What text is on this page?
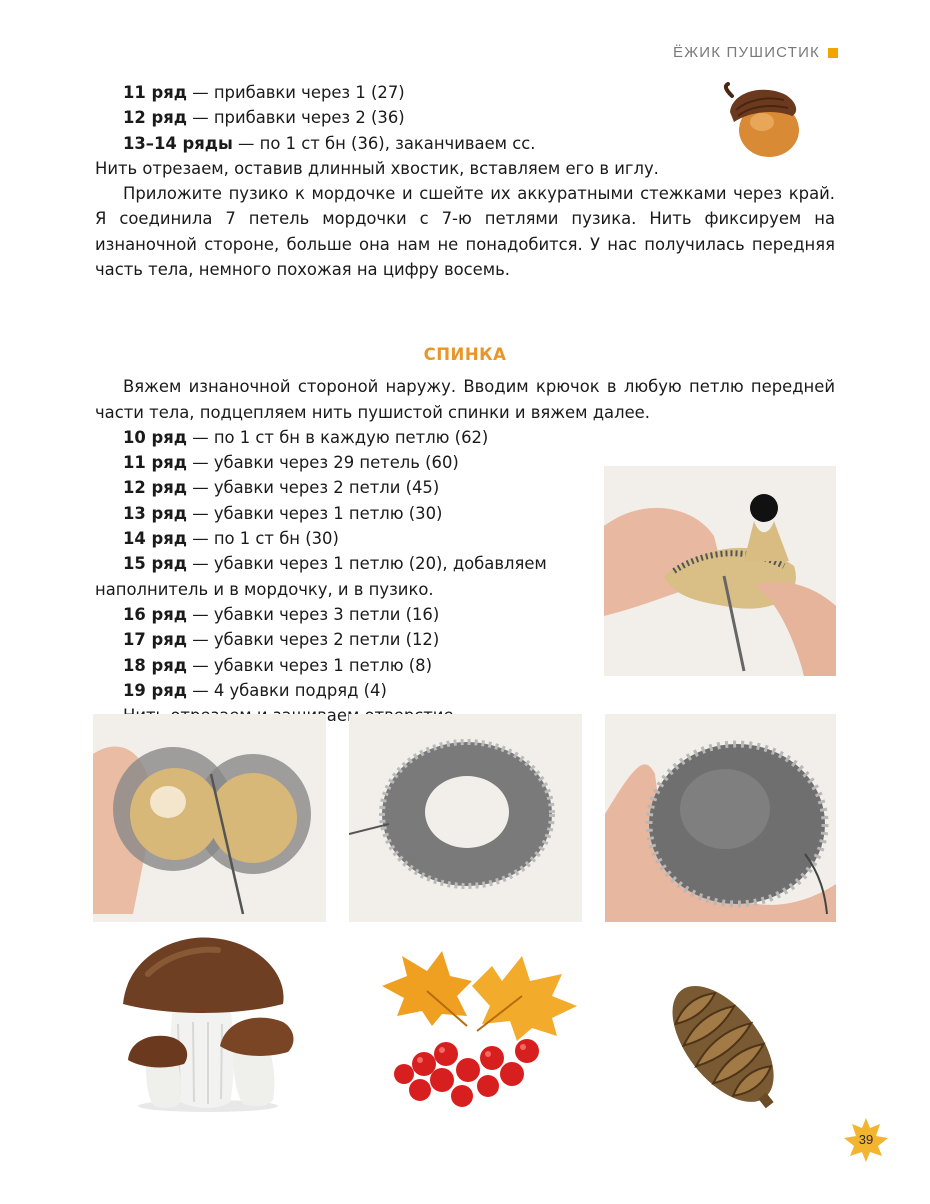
ЁЖИК ПУШИСТИК

11 ряд — прибавки через 1 (27)

12 ряд — прибавки через 2 (36)

13–14 ряды — по 1 ст бн (36), заканчиваем сс.

Нить отрезаем, оставив длинный хвостик, вставляем его в иглу.

Приложите пузико к мордочке и сшейте их аккуратными стежками через край. Я соединила 7 петель мордочки с 7-ю петлями пузика. Нить фиксируем на изнаночной стороне, больше она нам не понадобится. У нас получилась передняя часть тела, немного похожая на цифру восемь.

СПИНКА

Вяжем изнаночной стороной наружу. Вводим крючок в любую петлю передней части тела, подцепляем нить пушистой спинки и вяжем далее.

10 ряд — по 1 ст бн в каждую петлю (62)

11 ряд — убавки через 29 петель (60)

12 ряд — убавки через 2 петли (45)

13 ряд — убавки через 1 петлю (30)

14 ряд — по 1 ст бн (30)

15 ряд — убавки через 1 петлю (20), добавляем наполнитель и в мордочку, и в пузико.

16 ряд — убавки через 3 петли (16)

17 ряд — убавки через 2 петли (12)

18 ряд — убавки через 1 петлю (8)

19 ряд — 4 убавки подряд (4)

39
